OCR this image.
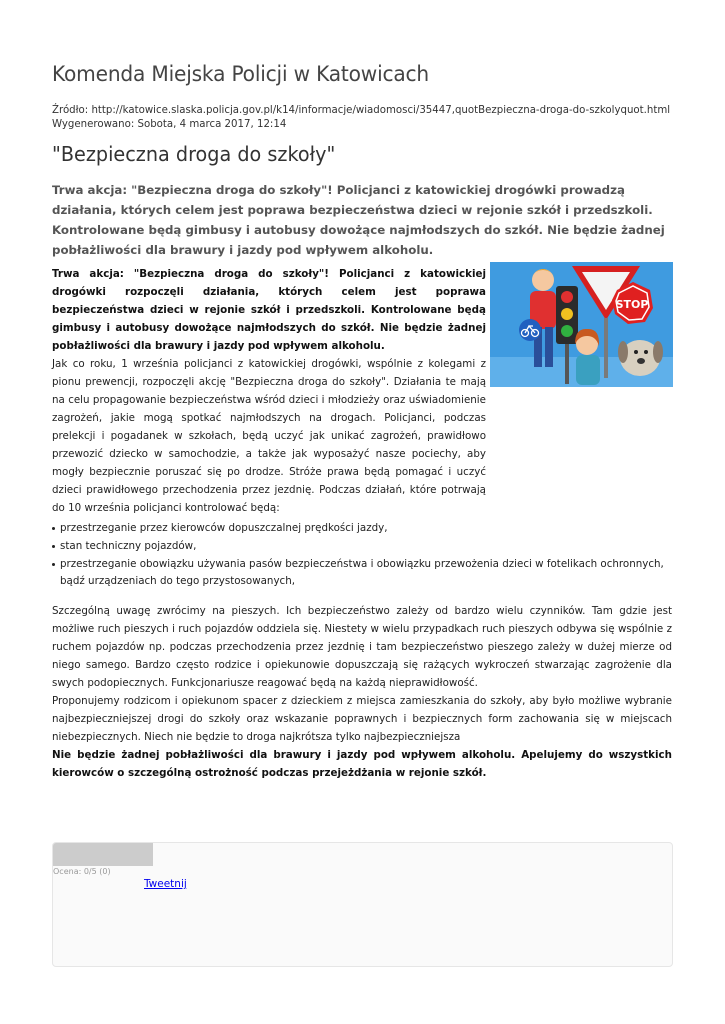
Komenda Miejska Policji w Katowicach
Źródło: http://katowice.slaska.policja.gov.pl/k14/informacje/wiadomosci/35447,quotBezpieczna-droga-do-szkolyquot.html
Wygenerowano: Sobota, 4 marca 2017, 12:14
"Bezpieczna droga do szkoły"

Trwa akcja: "Bezpieczna droga do szkoły"! Policjanci z katowickiej drogówki prowadzą działania, których celem jest poprawa bezpieczeństwa dzieci w rejonie szkół i przedszkoli. Kontrolowane będą gimbusy i autobusy dowożące najmłodszych do szkół. Nie będzie żadnej pobłażliwości dla brawury i jazdy pod wpływem alkoholu.

STOP

Trwa akcja: "Bezpieczna droga do szkoły"! Policjanci z katowickiej drogówki rozpoczęli działania, których celem jest poprawa bezpieczeństwa dzieci w rejonie szkół i przedszkoli. Kontrolowane będą gimbusy i autobusy dowożące najmłodszych do szkół. Nie będzie żadnej pobłażliwości dla brawury i jazdy pod wpływem alkoholu.

Jak co roku, 1 września policjanci z katowickiej drogówki, wspólnie z kolegami z pionu prewencji, rozpoczęli akcję "Bezpieczna droga do szkoły". Działania te mają na celu propagowanie bezpieczeństwa wśród dzieci i młodzieży oraz uświadomienie zagrożeń, jakie mogą spotkać najmłodszych na drogach. Policjanci, podczas prelekcji i pogadanek w szkołach, będą uczyć jak unikać zagrożeń, prawidłowo przewozić dziecko w samochodzie, a także jak wyposażyć nasze pociechy, aby mogły bezpiecznie poruszać się po drodze. Stróże prawa będą pomagać i uczyć dzieci prawidłowego przechodzenia przez jezdnię. Podczas działań, które potrwają do 10 września policjanci kontrolować będą:

przestrzeganie przez kierowców dopuszczalnej prędkości jazdy,
stan techniczny pojazdów,
przestrzeganie obowiązku używania pasów bezpieczeństwa i obowiązku przewożenia dzieci w fotelikach ochronnych, bądź urządzeniach do tego przystosowanych,

Szczególną uwagę zwrócimy na pieszych. Ich bezpieczeństwo zależy od bardzo wielu czynników. Tam gdzie jest możliwe ruch pieszych i ruch pojazdów oddziela się. Niestety w wielu przypadkach ruch pieszych odbywa się wspólnie z ruchem pojazdów np. podczas przechodzenia przez jezdnię i tam bezpieczeństwo pieszego zależy w dużej mierze od niego samego. Bardzo często rodzice i opiekunowie dopuszczają się rażących wykroczeń stwarzając zagrożenie dla swych podopiecznych. Funkcjonariusze reagować będą na każdą nieprawidłowość.

Proponujemy rodzicom i opiekunom spacer z dzieckiem z miejsca zamieszkania do szkoły, aby było możliwe wybranie najbezpieczniejszej drogi do szkoły oraz wskazanie poprawnych i bezpiecznych form zachowania się w miejscach niebezpiecznych. Niech nie będzie to droga najkrótsza tylko najbezpieczniejsza

Nie będzie żadnej pobłażliwości dla brawury i jazdy pod wpływem alkoholu. Apelujemy do wszystkich kierowców o szczególną ostrożność podczas przejeżdżania w rejonie szkół.

Ocena: 0/5 (0)
Tweetnij
